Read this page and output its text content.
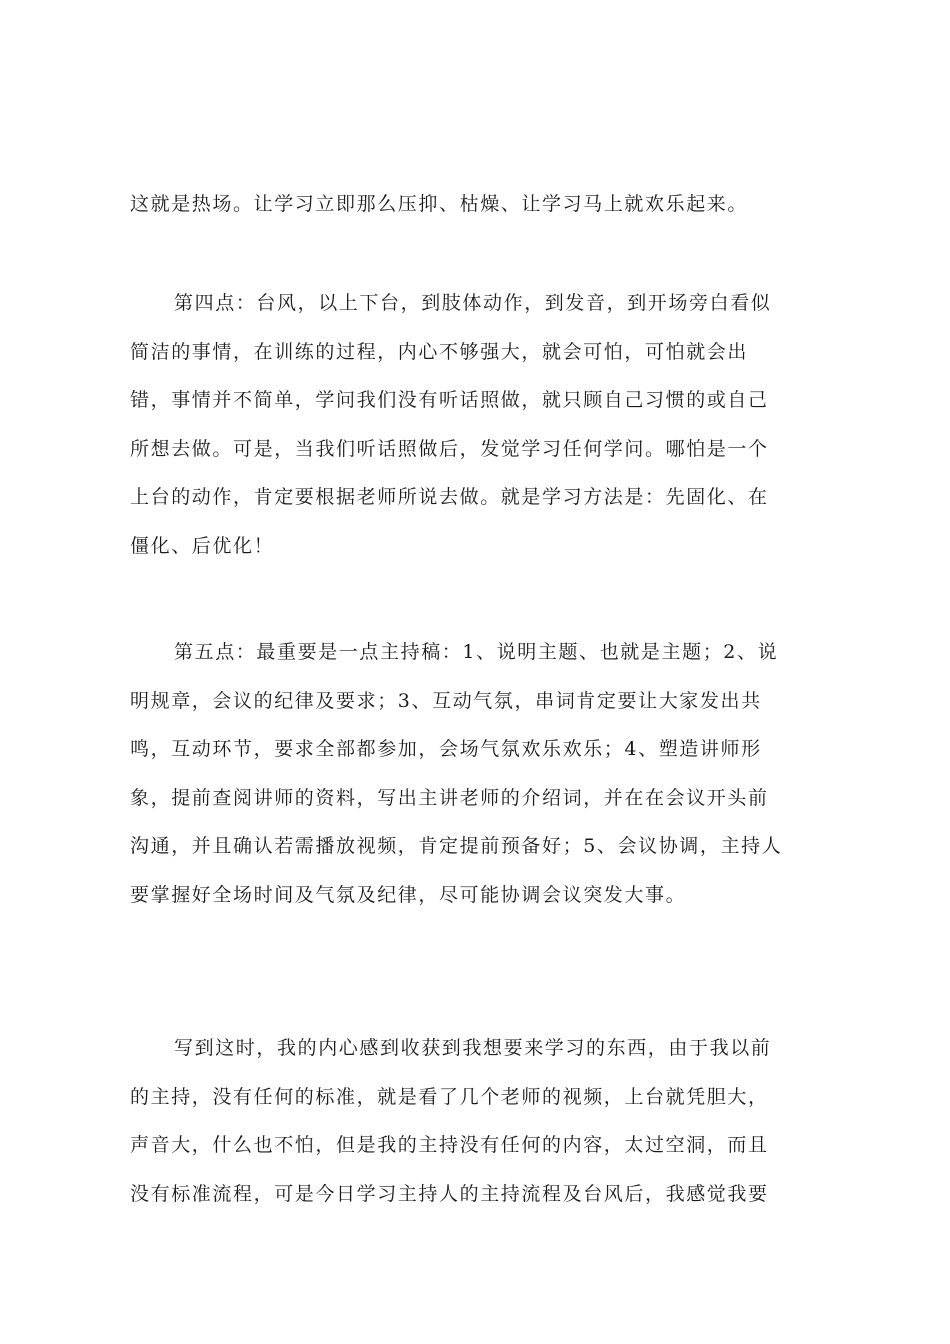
这就是热场。让学习立即那么压抑、枯燥、让学习马上就欢乐起来。
第四点：台风，以上下台，到肢体动作，到发音，到开场旁白看似
简洁的事情，在训练的过程，内心不够强大，就会可怕，可怕就会出
错，事情并不简单，学问我们没有听话照做，就只顾自己习惯的或自己
所想去做。可是，当我们听话照做后，发觉学习任何学问。哪怕是一个
上台的动作，肯定要根据老师所说去做。就是学习方法是：先固化、在
僵化、后优化！
第五点：最重要是一点主持稿：1、说明主题、也就是主题；2、说
明规章，会议的纪律及要求；3、互动气氛，串词肯定要让大家发出共
鸣，互动环节，要求全部都参加，会场气氛欢乐欢乐；4、塑造讲师形
象，提前查阅讲师的资料，写出主讲老师的介绍词，并在在会议开头前
沟通，并且确认若需播放视频，肯定提前预备好；5、会议协调，主持人
要掌握好全场时间及气氛及纪律，尽可能协调会议突发大事。
写到这时，我的内心感到收获到我想要来学习的东西，由于我以前
的主持，没有任何的标准，就是看了几个老师的视频，上台就凭胆大，
声音大，什么也不怕，但是我的主持没有任何的内容，太过空洞，而且
没有标准流程，可是今日学习主持人的主持流程及台风后，我感觉我要
